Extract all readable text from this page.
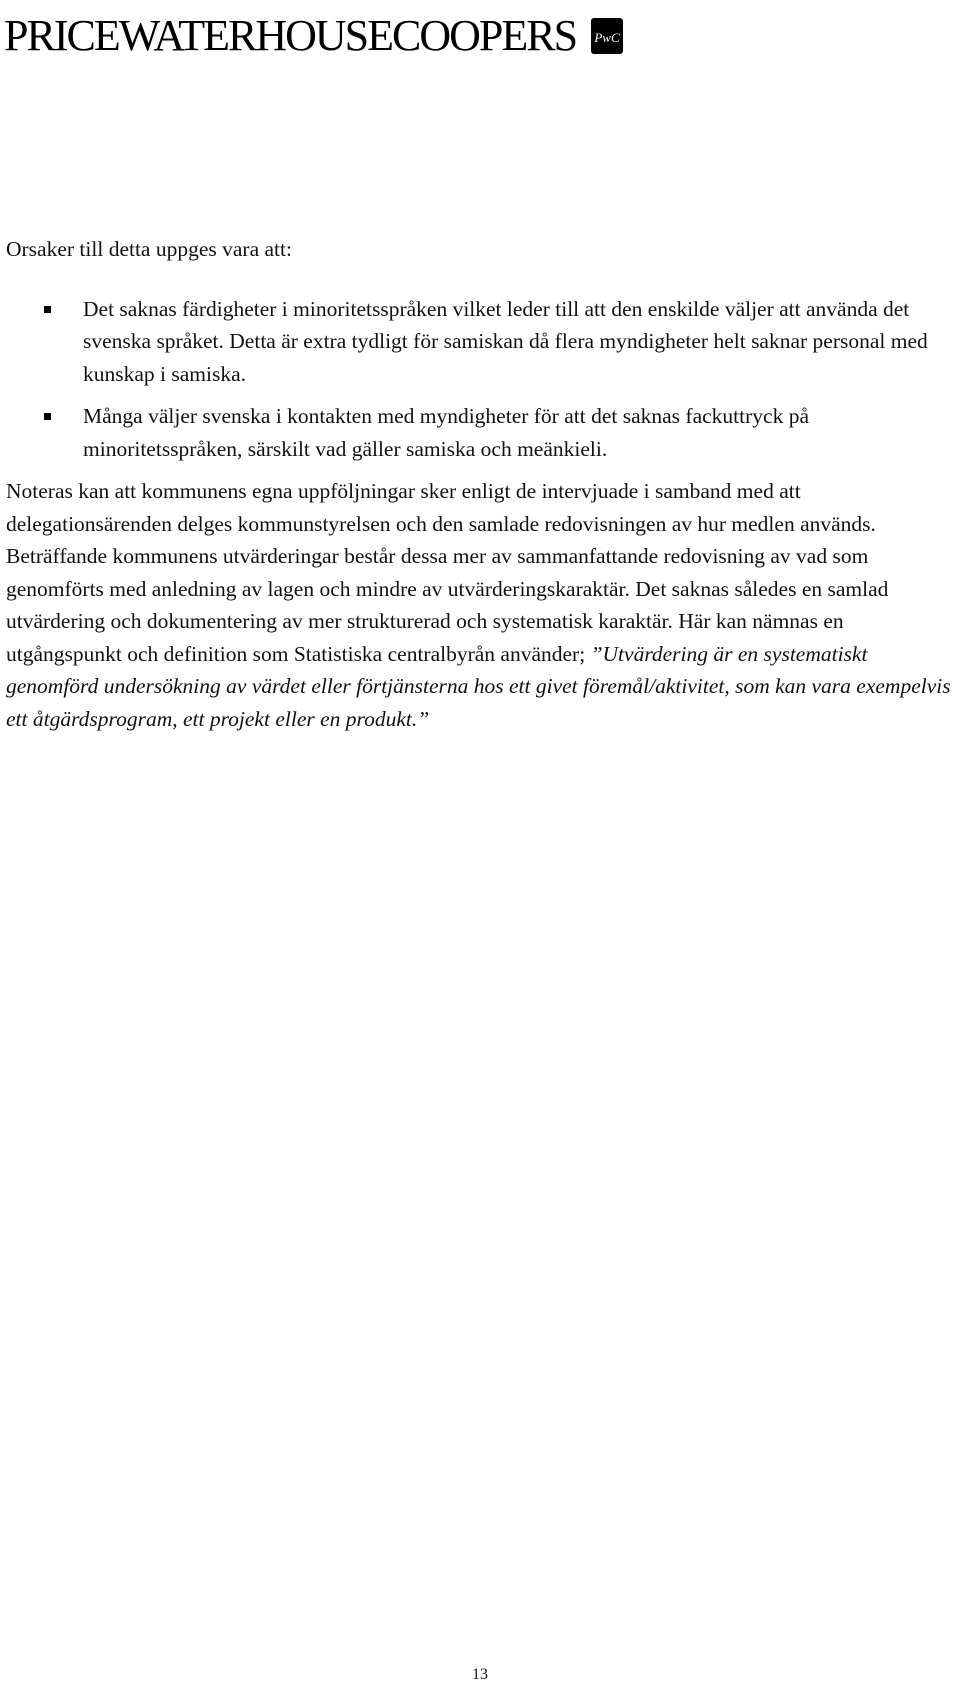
PRICEWATERHOUSECOOPERS PwC

Orsaker till detta uppges vara att:

Det saknas färdigheter i minoritetsspråken vilket leder till att den enskilde väljer att använda det svenska språket. Detta är extra tydligt för samiskan då flera myndigheter helt saknar personal med kunskap i samiska.
Många väljer svenska i kontakten med myndigheter för att det saknas fackuttryck på minoritetsspråken, särskilt vad gäller samiska och meänkieli.

Noteras kan att kommunens egna uppföljningar sker enligt de intervjuade i samband med att delegationsärenden delges kommunstyrelsen och den samlade redovisningen av hur medlen används. Beträffande kommunens utvärderingar består dessa mer av sammanfattande redovisning av vad som genomförts med anledning av lagen och mindre av utvärderingskaraktär. Det saknas således en samlad utvärdering och dokumentering av mer strukturerad och systematisk karaktär. Här kan nämnas en utgångspunkt och definition som Statistiska centralbyrån använder; ”Utvärdering är en systematiskt genomförd undersökning av värdet eller förtjänsterna hos ett givet föremål/aktivitet, som kan vara exempelvis ett åtgärdsprogram, ett projekt eller en produkt.”

13
